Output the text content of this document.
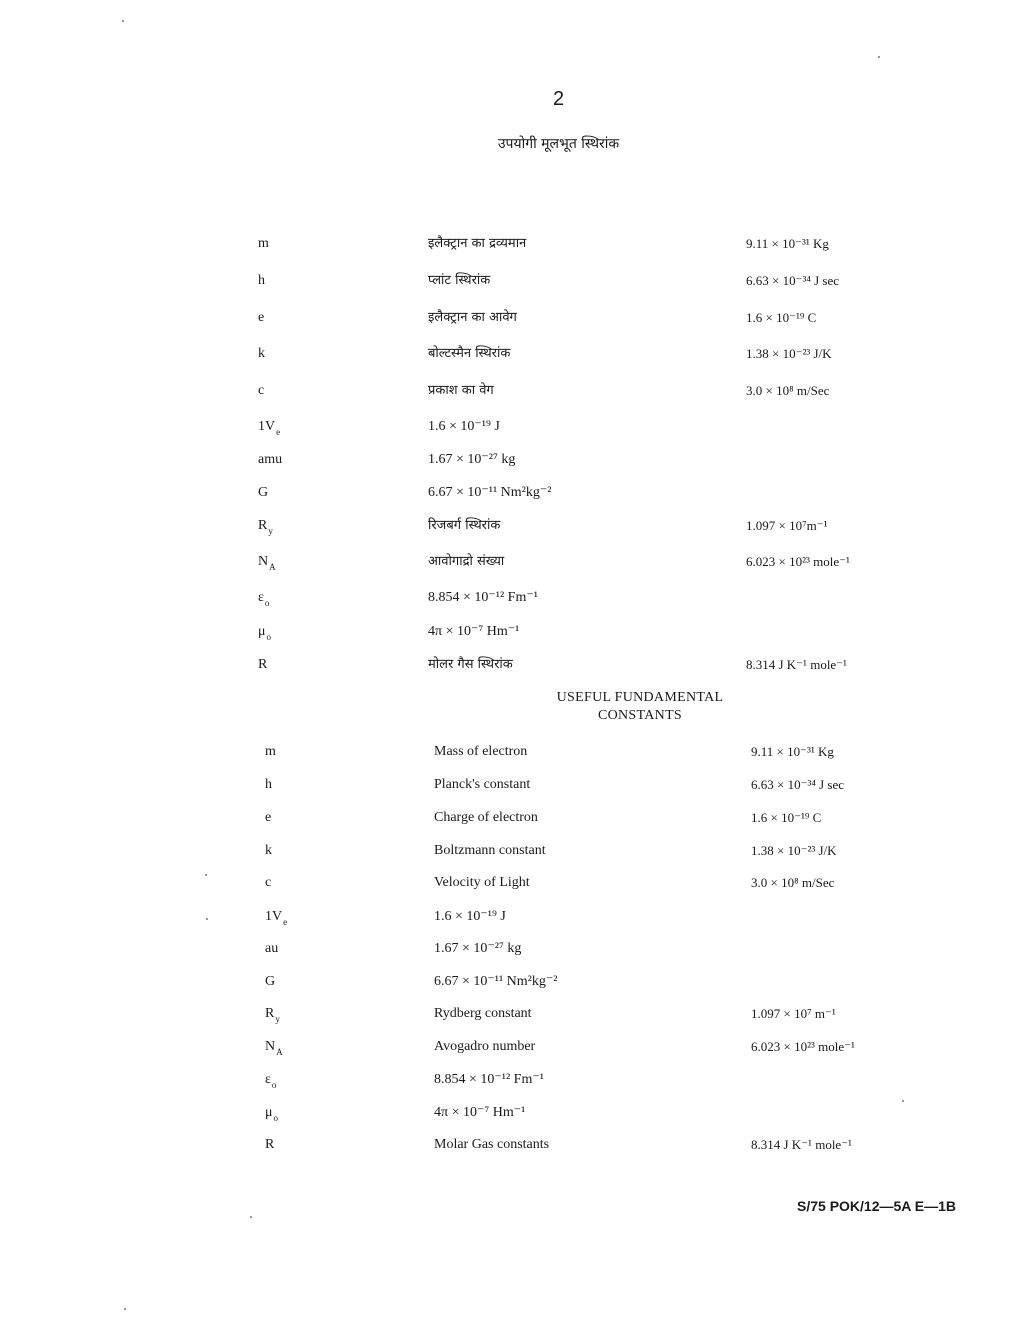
2
उपयोगी मूलभूत स्थिरांक
m	इलैक्ट्रान का द्रव्यमान	9.11 × 10⁻³¹ Kg
h	प्लांट स्थिरांक	6.63 × 10⁻³⁴ J sec
e	इलैक्ट्रान का आवेग	1.6 × 10⁻¹⁹ C
k	बोल्टस्मैन स्थिरांक	1.38 × 10⁻²³ J/K
c	प्रकाश का वेग	3.0 × 10⁸ m/Sec
$1V_e$	1.6 × 10⁻¹⁹ J
amu	1.67 × 10⁻²⁷ kg
G	6.67 × 10⁻¹¹ Nm²kg⁻²
$R_y$	रिजबर्ग स्थिरांक	1.097 × 10⁷m⁻¹
$N_A$	आवोगाद्रो संख्या	6.023 × 10²³ mole⁻¹
$\varepsilon_o$	8.854 × 10⁻¹² Fm⁻¹
$\mu_o$	4π × 10⁻⁷ Hm⁻¹
R	मोलर गैस स्थिरांक	8.314 J K⁻¹ mole⁻¹
USEFUL FUNDAMENTAL
CONSTANTS
m	Mass of electron	9.11 × 10⁻³¹ Kg
h	Planck's constant	6.63 × 10⁻³⁴ J sec
e	Charge of electron	1.6 × 10⁻¹⁹ C
k	Boltzmann constant	1.38 × 10⁻²³ J/K
c	Velocity of Light	3.0 × 10⁸ m/Sec
$1V_e$	1.6 × 10⁻¹⁹ J
au	1.67 × 10⁻²⁷ kg
G	6.67 × 10⁻¹¹ Nm²kg⁻²
$R_y$	Rydberg constant	1.097 × 10⁷ m⁻¹
$N_A$	Avogadro number	6.023 × 10²³ mole⁻¹
$\varepsilon_o$	8.854 × 10⁻¹² Fm⁻¹
$\mu_o$	4π × 10⁻⁷ Hm⁻¹
R	Molar Gas constants	8.314 J K⁻¹ mole⁻¹
S/75 POK/12—5A E—1B
